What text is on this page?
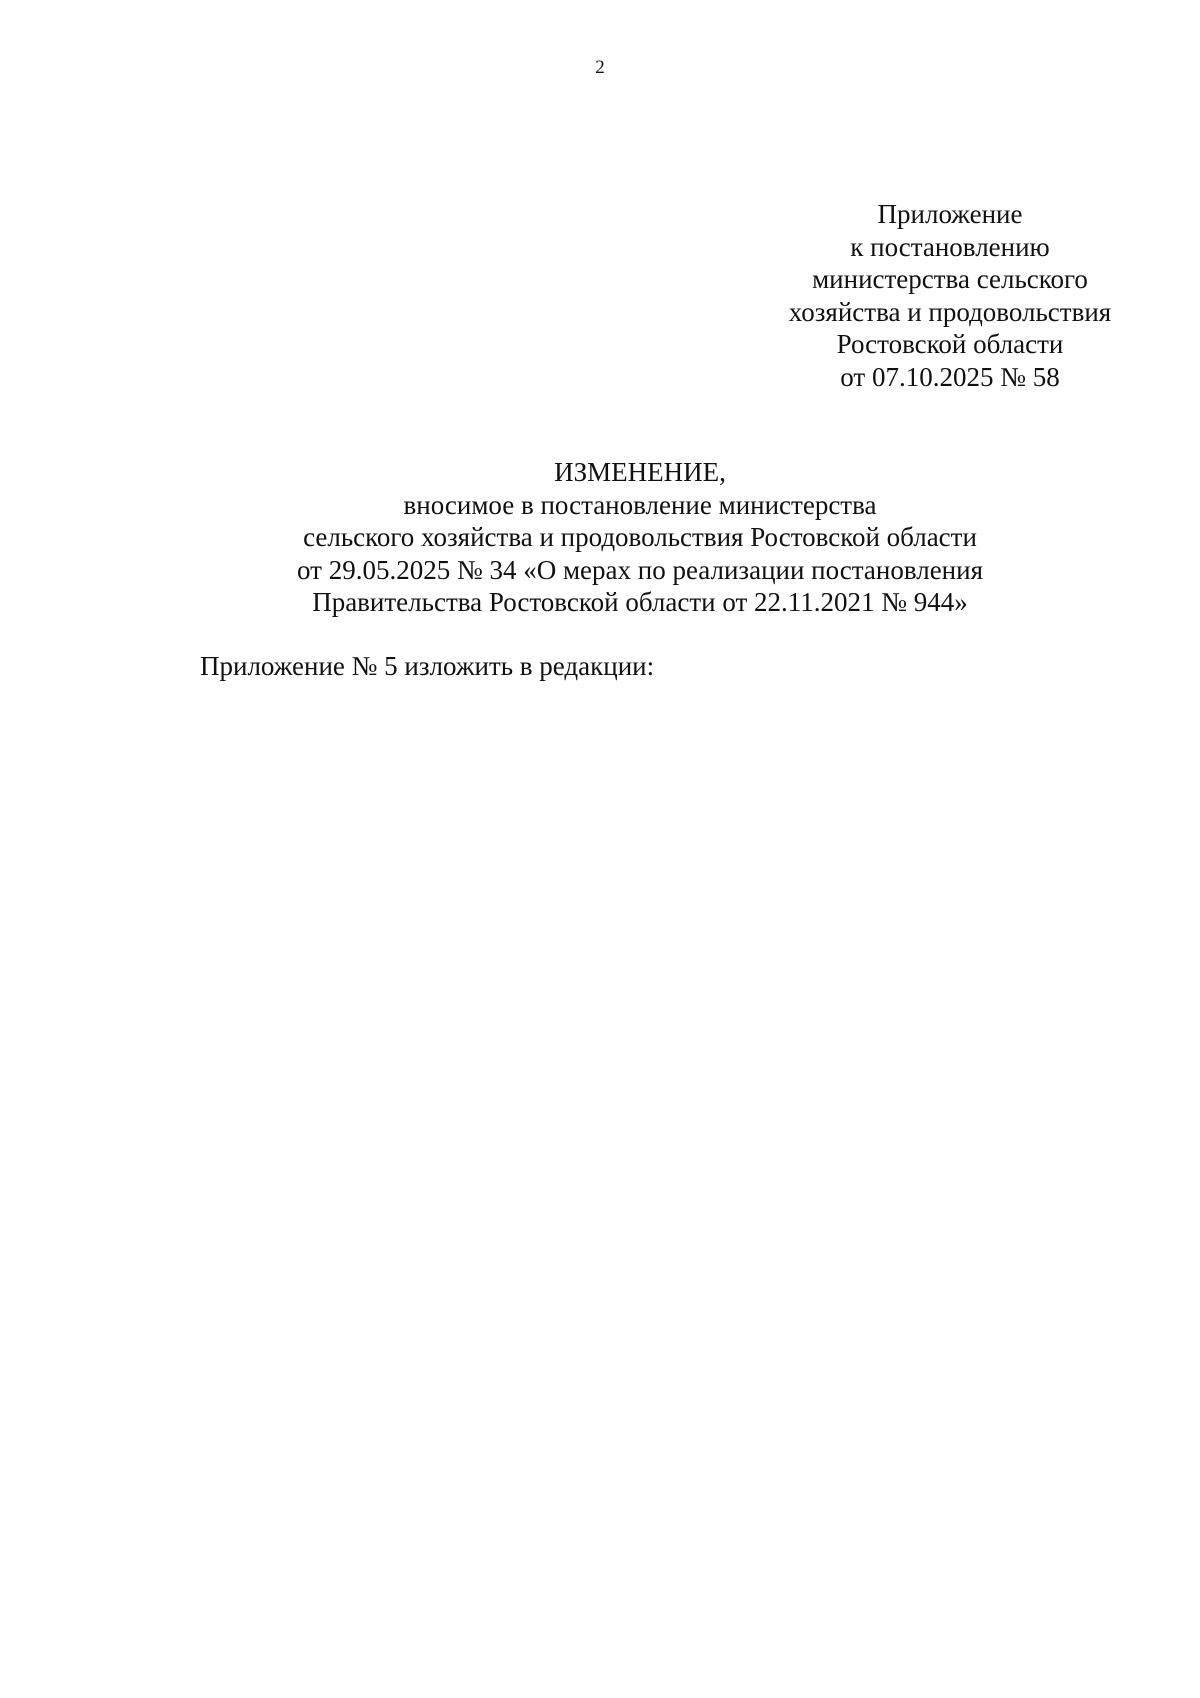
2
Приложение
к постановлению
министерства сельского
хозяйства и продовольствия
Ростовской области
от 07.10.2025 № 58
ИЗМЕНЕНИЕ,
вносимое в постановление министерства
сельского хозяйства и продовольствия Ростовской области
от 29.05.2025 № 34 «О мерах по реализации постановления
Правительства Ростовской области от 22.11.2021 № 944»
Приложение № 5 изложить в редакции:
